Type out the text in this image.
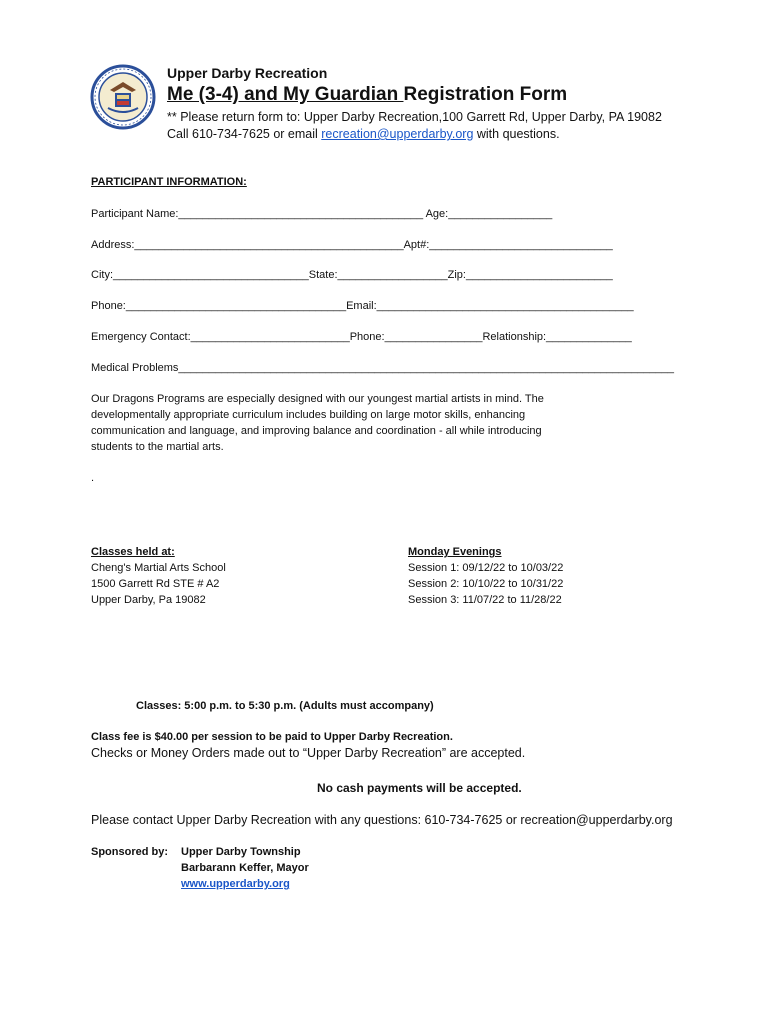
Upper Darby Recreation
Me (3-4) and My Guardian Registration Form
** Please return form to: Upper Darby Recreation,100 Garrett Rd, Upper Darby, PA 19082
Call 610-734-7625 or email recreation@upperdarby.org with questions.
PARTICIPANT INFORMATION:
Participant Name:________________________________________ Age:_________________
Address:____________________________________________Apt#:______________________________
City:________________________________State:__________________Zip:________________________
Phone:____________________________________Email:__________________________________________
Emergency Contact:__________________________Phone:________________Relationship:______________
Medical Problems_________________________________________________________________________________
Our Dragons Programs are especially designed with our youngest martial artists in mind. The developmentally appropriate curriculum includes building on large motor skills, enhancing communication and language, and improving balance and coordination - all while introducing students to the martial arts.
.
Classes held at:
Cheng's Martial Arts School
1500 Garrett Rd STE # A2
Upper Darby, Pa 19082
Monday Evenings
Session 1: 09/12/22 to 10/03/22
Session 2: 10/10/22 to 10/31/22
Session 3: 11/07/22 to 11/28/22
Classes: 5:00 p.m. to 5:30 p.m. (Adults must accompany)
Class fee is $40.00 per session to be paid to Upper Darby Recreation.
Checks or Money Orders made out to “Upper Darby Recreation” are accepted.
No cash payments will be accepted.
Please contact Upper Darby Recreation with any questions: 610-734-7625 or recreation@upperdarby.org
Sponsored by: Upper Darby Township
Barbarann Keffer, Mayor
www.upperdarby.org
